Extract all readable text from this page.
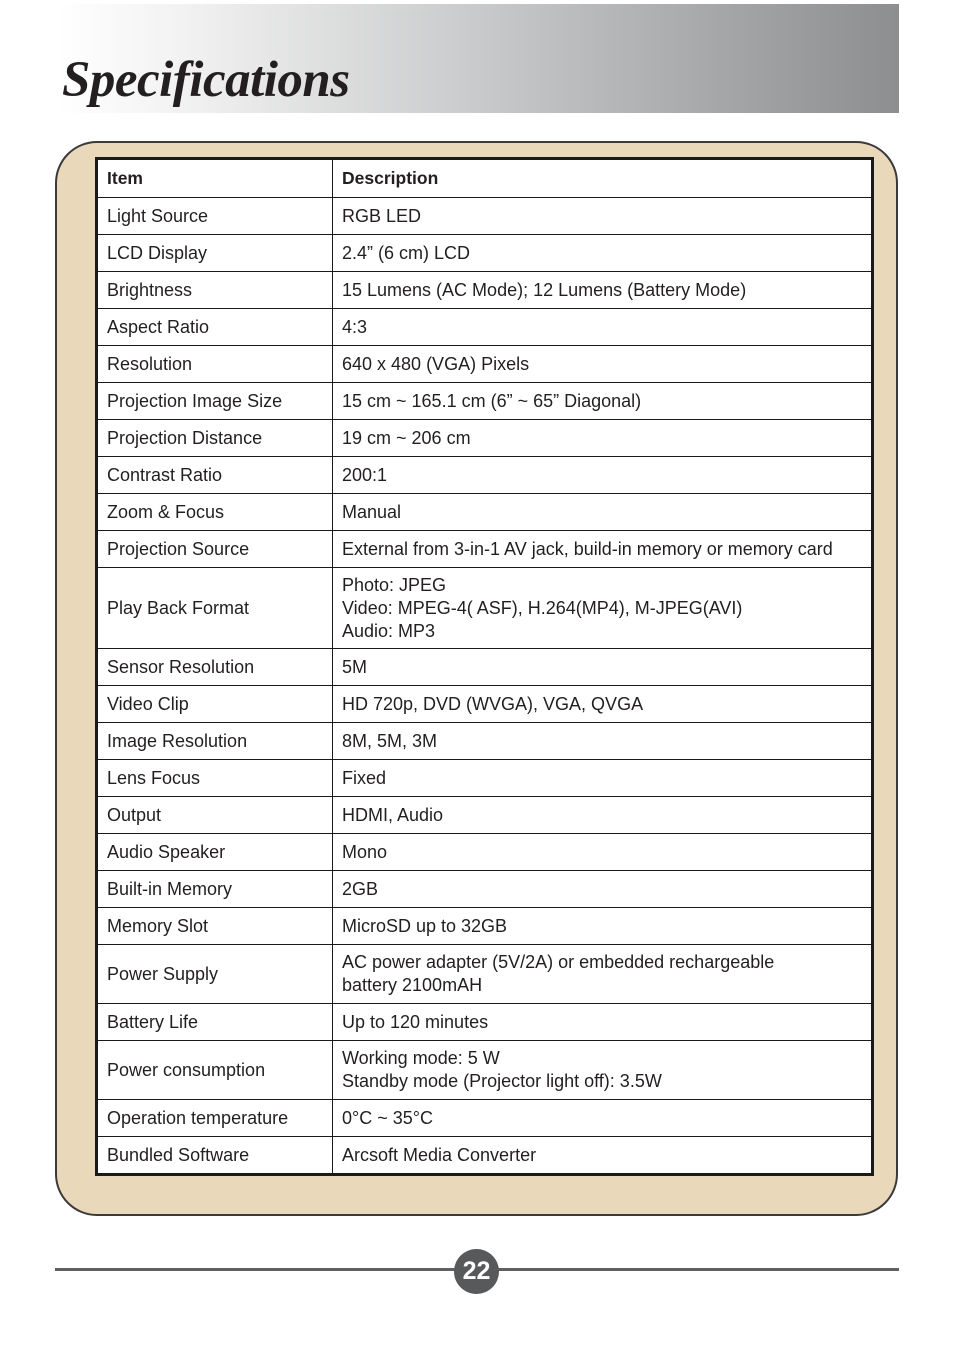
Specifications
Item	Description
Light Source	RGB LED

LCD Display	2.4” (6 cm) LCD

Brightness	15 Lumens (AC Mode); 12 Lumens (Battery Mode)

Aspect Ratio	4:3

Resolution	640 x 480 (VGA) Pixels

Projection Image Size	15 cm ~ 165.1 cm (6” ~ 65” Diagonal)

Projection Distance	19 cm ~ 206 cm

Contrast Ratio	200:1

Zoom & Focus	Manual

Projection Source	External from 3-in-1 AV jack, build-in memory or memory card

Play Back Format	Photo: JPEG
Video: MPEG-4( ASF), H.264(MP4), M-JPEG(AVI)
Audio: MP3

Sensor Resolution	5M

Video Clip	HD 720p, DVD (WVGA), VGA, QVGA

Image Resolution	8M, 5M, 3M

Lens Focus	Fixed

Output	HDMI, Audio

Audio Speaker	Mono

Built-in Memory	2GB

Memory Slot	MicroSD up to 32GB

Power Supply	AC power adapter (5V/2A) or embedded rechargeable
battery 2100mAH

Battery Life	Up to 120 minutes

Power consumption	Working mode: 5 W
Standby mode (Projector light off): 3.5W

Operation temperature	0°C ~ 35°C

Bundled Software	Arcsoft Media Converter
22
